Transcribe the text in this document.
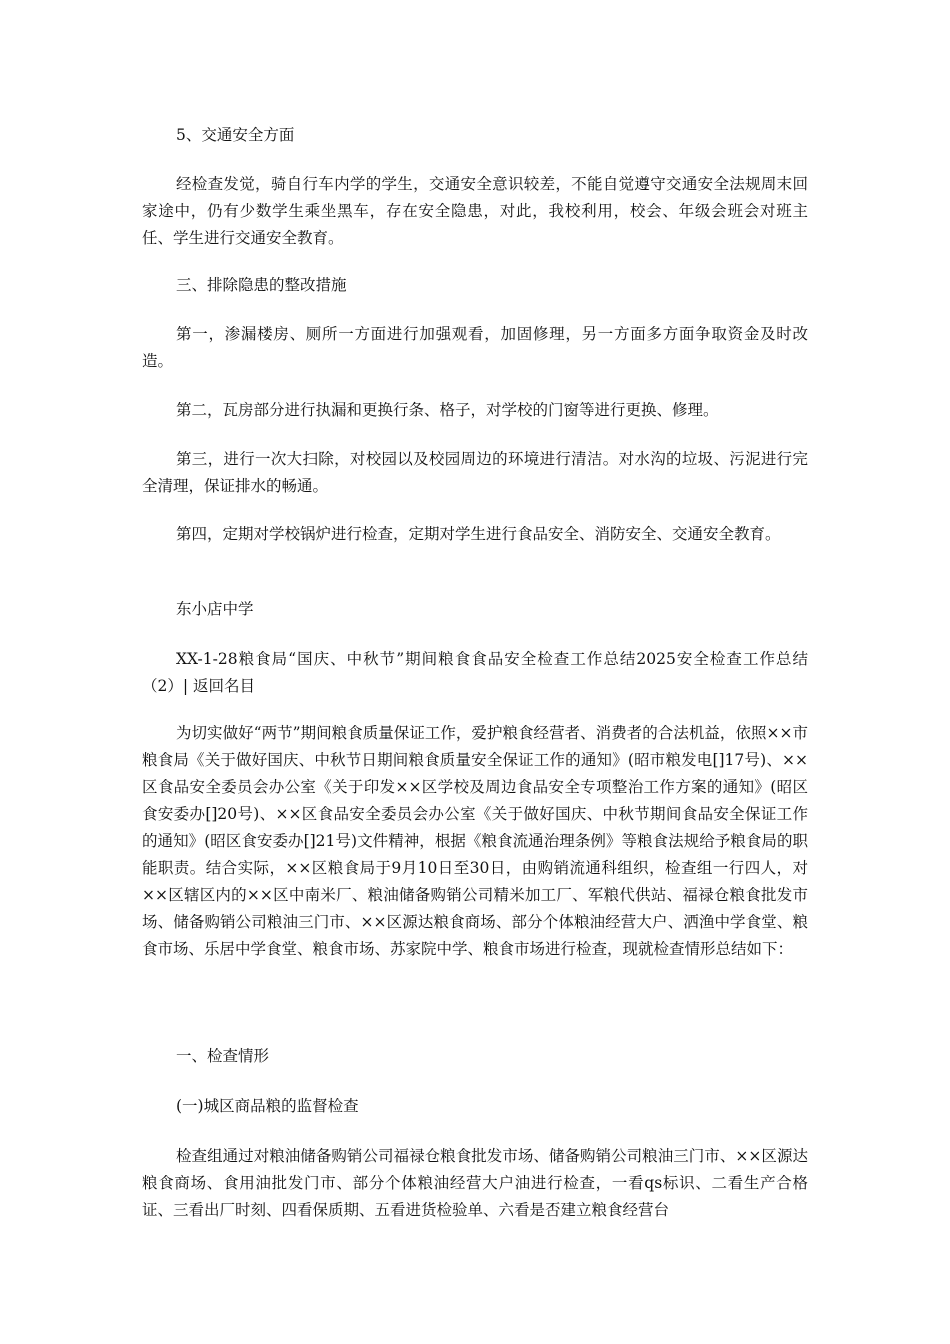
5、交通安全方面

经检查发觉，骑自行车内学的学生，交通安全意识较差，不能自觉遵守交通安全法规周末回家途中，仍有少数学生乘坐黑车，存在安全隐患，对此，我校利用，校会、年级会班会对班主任、学生进行交通安全教育。

三、排除隐患的整改措施

第一，渗漏楼房、厕所一方面进行加强观看，加固修理，另一方面多方面争取资金及时改造。

第二，瓦房部分进行执漏和更换行条、格子，对学校的门窗等进行更换、修理。

第三，进行一次大扫除，对校园以及校园周边的环境进行清洁。对水沟的垃圾、污泥进行完全清理，保证排水的畅通。

第四，定期对学校锅炉进行检查，定期对学生进行食品安全、消防安全、交通安全教育。

东小店中学

XX-1-28粮食局“国庆、中秋节”期间粮食食品安全检查工作总结2025安全检查工作总结（2）| 返回名目

为切实做好“两节”期间粮食质量保证工作，爱护粮食经营者、消费者的合法机益，依照××市粮食局《关于做好国庆、中秋节日期间粮食质量安全保证工作的通知》(昭市粮发电[]17号)、××区食品安全委员会办公室《关于印发××区学校及周边食品安全专项整治工作方案的通知》(昭区食安委办[]20号)、××区食品安全委员会办公室《关于做好国庆、中秋节期间食品安全保证工作的通知》(昭区食安委办[]21号)文件精神，根据《粮食流通治理条例》等粮食法规给予粮食局的职能职责。结合实际，××区粮食局于9月10日至30日，由购销流通科组织，检查组一行四人，对××区辖区内的××区中南米厂、粮油储备购销公司精米加工厂、军粮代供站、福禄仓粮食批发市场、储备购销公司粮油三门市、××区源达粮食商场、部分个体粮油经营大户、洒渔中学食堂、粮食市场、乐居中学食堂、粮食市场、苏家院中学、粮食市场进行检查，现就检查情形总结如下：

一、检查情形

(一)城区商品粮的监督检查

检查组通过对粮油储备购销公司福禄仓粮食批发市场、储备购销公司粮油三门市、××区源达粮食商场、食用油批发门市、部分个体粮油经营大户油进行检查，一看qs标识、二看生产合格证、三看出厂时刻、四看保质期、五看进货检验单、六看是否建立粮食经营台
